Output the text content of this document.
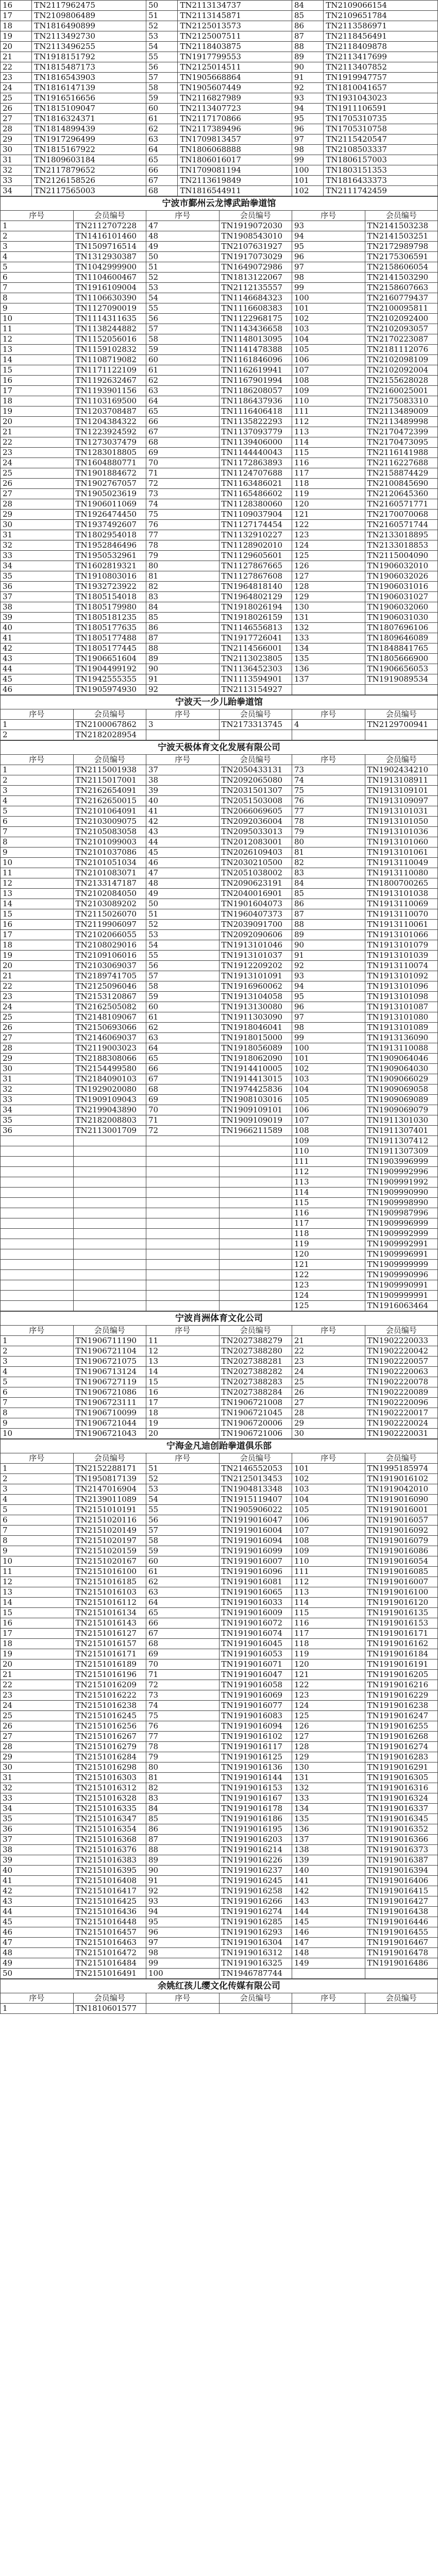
16	TN2117962475	50	TN2113134737	84	TN2109066154
17	TN2109806489	51	TN2113145871	85	TN2109651784
18	TN1816490899	52	TN2125013573	86	TN2113586971
19	TN2113492730	53	TN2125007511	87	TN2118456491
20	TN2113496255	54	TN2118403875	88	TN2118409878
21	TN1918151792	55	TN1917799553	89	TN2113417699
22	TN1815487173	56	TN2125014511	90	TN2113407852
23	TN1816543903	57	TN1905668864	91	TN1919947757
24	TN1816147139	58	TN1905607449	92	TN1810041657
25	TN1916516656	59	TN2116827989	93	TN1931043023
26	TN1815109047	60	TN2113407723	94	TN1911106591
27	TN1816324371	61	TN2117170866	95	TN1705310735
28	TN1814899439	62	TN2117389496	96	TN1705310758
29	TN1917296499	63	TN1709813457	97	TN2115420547
30	TN1815167922	64	TN1806068888	98	TN2108503337
31	TN1809603184	65	TN1806016017	99	TN1806157003
32	TN2117879652	66	TN1709081194	100	TN1803151353
33	TN2126158526	67	TN2113619849	101	TN1816433373
34	TN2117565003	68	TN1816544911	102	TN2111742459
宁波市鄞州云龙博武跆拳道馆					
序号	会员编号	序号	会员编号	序号	会员编号
1	TN2112707228	47	TN1919072030	93	TN2141503238
2	TN1416101460	48	TN1908543010	94	TN2141503251
3	TN1509716514	49	TN2107631927	95	TN2172989798
4	TN1312930387	50	TN1917073029	96	TN2175306591
5	TN1042999900	51	TN1649072986	97	TN2158606054
6	TN1104600467	52	TN1813122067	98	TN2141503290
7	TN1916109004	53	TN2112135557	99	TN2158607663
8	TN1106630390	54	TN1146684323	100	TN2160779437
9	TN1127090019	55	TN1116608383	101	TN2100095811
10	TN1114311635	56	TN1122968175	102	TN2102092400
11	TN1138244882	57	TN1143436658	103	TN2102093057
12	TN1152056016	58	TN1148013095	104	TN2170223087
13	TN1159102832	59	TN1141478388	105	TN2181112076
14	TN1108719082	60	TN1161846096	106	TN2102098109
15	TN1171122109	61	TN1162619941	107	TN2102092004
16	TN1192632467	62	TN1167901994	108	TN2155628028
17	TN1193901156	63	TN1186208057	109	TN2160025001
18	TN1103169500	64	TN1186437936	110	TN2175083310
19	TN1203708487	65	TN1116406418	111	TN2113489009
20	TN1204384322	66	TN1135822293	112	TN2113489998
21	TN1223924592	67	TN1137093779	113	TN2170472399
22	TN1273037479	68	TN1139406000	114	TN2170473095
23	TN1283018805	69	TN1144440043	115	TN2116141988
24	TN1604880771	70	TN1172863893	116	TN2116227688
25	TN1901884672	71	TN1124707688	117	TN2158874429
26	TN1902767057	72	TN1163486021	118	TN2100845690
27	TN1905023619	73	TN1165486602	119	TN2120645360
28	TN1906011069	74	TN1128380060	120	TN2160571771
29	TN1926474450	75	TN1109037904	121	TN2170070068
30	TN1937492607	76	TN1127174454	122	TN2160571744
31	TN1802954018	77	TN1132910227	123	TN2133018895
32	TN1952846496	78	TN1128902010	124	TN2133018853
33	TN1950532961	79	TN1129605601	125	TN2115004090
34	TN1602819321	80	TN1127867665	126	TN1906032010
35	TN1910803016	81	TN1127867608	127	TN1906032026
36	TN1932723922	82	TN1964818140	128	TN1906031016
37	TN1805154018	83	TN1964802129	129	TN1906031027
38	TN1805179980	84	TN1918026194	130	TN1906032060
39	TN1805181235	85	TN1918026159	131	TN1906031030
40	TN1805177635	86	TN1146556813	132	TN1807696106
41	TN1805177488	87	TN1917726041	133	TN1809646089
42	TN1805177445	88	TN2114566001	134	TN1848841765
43	TN1906651604	89	TN2113023805	135	TN1805666900
44	TN1904499192	90	TN1136452303	136	TN1906656053
45	TN1942555355	91	TN1113594901	137	TN1919089534
46	TN1905974930	92	TN2113154927		
宁波天一少儿跆拳道馆					
序号	会员编号	序号	会员编号	序号	会员编号
1	TN2100067862	3	TN2173313745	4	TN2129700941
2	TN2182028954				
宁波天极体育文化发展有限公司					
序号	会员编号	序号	会员编号	序号	会员编号
1	TN2115001938	37	TN2050433131	73	TN1902434210
2	TN2115017001	38	TN2092065080	74	TN1913108911
3	TN2162654091	39	TN2031501307	75	TN1913109101
4	TN2162650015	40	TN2051503008	76	TN1913109097
5	TN2101064091	41	TN2066069605	77	TN1913101031
6	TN2103009075	42	TN2092036004	78	TN1913101050
7	TN2105083058	43	TN2095033013	79	TN1913101036
8	TN2101099003	44	TN2012083001	80	TN1913101060
9	TN2101037086	45	TN2026109403	81	TN1913101061
10	TN2101051034	46	TN2030210500	82	TN1913110049
11	TN2101083071	47	TN2051038002	83	TN1913110080
12	TN2133147187	48	TN2090623191	84	TN1800700265
13	TN2102084050	49	TN2040016901	85	TN1913101038
14	TN2103089202	50	TN1901604073	86	TN1913110069
15	TN2115026070	51	TN1960407373	87	TN1913110070
16	TN2119906097	52	TN2039091700	88	TN1913110061
17	TN2102066055	53	TN2092090606	89	TN1913101066
18	TN2108029016	54	TN1913101046	90	TN1913101079
19	TN2109106016	55	TN1913101037	91	TN1913101039
20	TN2103069037	56	TN1912209202	92	TN1913110074
21	TN2189741705	57	TN1913101091	93	TN1913101092
22	TN2125096046	58	TN1916960062	94	TN1913101096
23	TN2153120867	59	TN1913104058	95	TN1913101098
24	TN2162505082	60	TN1913130080	96	TN1913101087
25	TN2148109067	61	TN1911303090	97	TN1913101080
26	TN2150693066	62	TN1918046041	98	TN1913101089
27	TN2146069037	63	TN1918015000	99	TN1913136090
28	TN2119003023	64	TN1918056089	100	TN1913110088
29	TN2188308066	65	TN1918062090	101	TN1909064046
30	TN2154499580	66	TN1914410005	102	TN1909064030
31	TN2184090103	67	TN1914413015	103	TN1909066029
32	TN1929020080	68	TN1974425836	104	TN1909069058
33	TN1909109043	69	TN1908103016	105	TN1909069089
34	TN2199043890	70	TN1909109101	106	TN1909069079
35	TN2182008803	71	TN1909109019	107	TN1911301030
36	TN2113001709	72	TN1966211589	108	TN1911307401
				109	TN1911307412
				110	TN1911307309
				111	TN1903996999
				112	TN1909992996
				113	TN1909991992
				114	TN1909990990
				115	TN1909998990
				116	TN1909987996
				117	TN1909996999
				118	TN1909992999
				119	TN1909992991
				120	TN1909996991
				121	TN1909999999
				122	TN1909990996
				123	TN1909990991
				124	TN1909999991
				125	TN1916063464
宁波肖洲体育文化公司					
序号	会员编号	序号	会员编号	序号	会员编号
1	TN1906711190	11	TN2027388279	21	TN1902220033
2	TN1906721104	12	TN2027388280	22	TN1902220042
3	TN1906721075	13	TN2027388281	23	TN1902220057
4	TN1906713124	14	TN2027388282	24	TN1902220063
5	TN1906727119	15	TN2027388283	25	TN1902220078
6	TN1906721086	16	TN2027388284	26	TN1902220089
7	TN1906723111	17	TN1906721008	27	TN1902220096
8	TN1906710099	18	TN1906721045	28	TN1902220017
9	TN1906721044	19	TN1906720006	29	TN1902220024
10	TN1906721043	20	TN1906721006	30	TN1902220031
宁海金凡迪创跆拳道俱乐部					
序号	会员编号	序号	会员编号	序号	会员编号
1	TN2152288171	51	TN2146552053	101	TN1995185974
2	TN1950817139	52	TN2125013453	102	TN1919016102
3	TN2147016904	53	TN1904813348	103	TN1919042010
4	TN2139011089	54	TN1915119407	104	TN1919016090
5	TN2151010191	55	TN1905906022	105	TN1919016001
6	TN2151020116	56	TN1919016047	106	TN1919016057
7	TN2151020149	57	TN1919016004	107	TN1919016092
8	TN2151020197	58	TN1919016094	108	TN1919016079
9	TN2151020159	59	TN1919016099	109	TN1919016086
10	TN2151020167	60	TN1919016007	110	TN1919016054
11	TN2151016100	61	TN1919016096	111	TN1919016085
12	TN2151016185	62	TN1919016081	112	TN1919016007
13	TN2151016103	63	TN1919016065	113	TN1919016100
14	TN2151016112	64	TN1919016033	114	TN1919016120
15	TN2151016134	65	TN1919016009	115	TN1919016135
16	TN2151016143	66	TN1919016072	116	TN1919016153
17	TN2151016127	67	TN1919016074	117	TN1919016171
18	TN2151016157	68	TN1919016045	118	TN1919016162
19	TN2151016171	69	TN1919016053	119	TN1919016184
20	TN2151016189	70	TN1919016071	120	TN1919016191
21	TN2151016196	71	TN1919016047	121	TN1919016205
22	TN2151016209	72	TN1919016058	122	TN1919016216
23	TN2151016222	73	TN1919016069	123	TN1919016229
24	TN2151016238	74	TN1919016077	124	TN1919016238
25	TN2151016245	75	TN1919016083	125	TN1919016247
26	TN2151016256	76	TN1919016094	126	TN1919016255
27	TN2151016267	77	TN1919016102	127	TN1919016268
28	TN2151016279	78	TN1919016117	128	TN1919016274
29	TN2151016284	79	TN1919016125	129	TN1919016283
30	TN2151016298	80	TN1919016136	130	TN1919016291
31	TN2151016303	81	TN1919016144	131	TN1919016305
32	TN2151016312	82	TN1919016153	132	TN1919016316
33	TN2151016328	83	TN1919016167	133	TN1919016324
34	TN2151016335	84	TN1919016178	134	TN1919016337
35	TN2151016347	85	TN1919016186	135	TN1919016345
36	TN2151016354	86	TN1919016195	136	TN1919016352
37	TN2151016368	87	TN1919016203	137	TN1919016366
38	TN2151016376	88	TN1919016214	138	TN1919016373
39	TN2151016383	89	TN1919016226	139	TN1919016387
40	TN2151016395	90	TN1919016237	140	TN1919016394
41	TN2151016408	91	TN1919016245	141	TN1919016406
42	TN2151016417	92	TN1919016258	142	TN1919016415
43	TN2151016425	93	TN1919016266	143	TN1919016427
44	TN2151016436	94	TN1919016274	144	TN1919016438
45	TN2151016448	95	TN1919016285	145	TN1919016446
46	TN2151016457	96	TN1919016293	146	TN1919016455
47	TN2151016463	97	TN1919016304	147	TN1919016467
48	TN2151016472	98	TN1919016312	148	TN1919016478
49	TN2151016484	99	TN1919016325	149	TN1919016486
50	TN2151016491	100	TN1946787744		
余姚红孩儿缨文化传媒有限公司					
序号	会员编号	序号	会员编号	序号	会员编号
1	TN1810601577				
